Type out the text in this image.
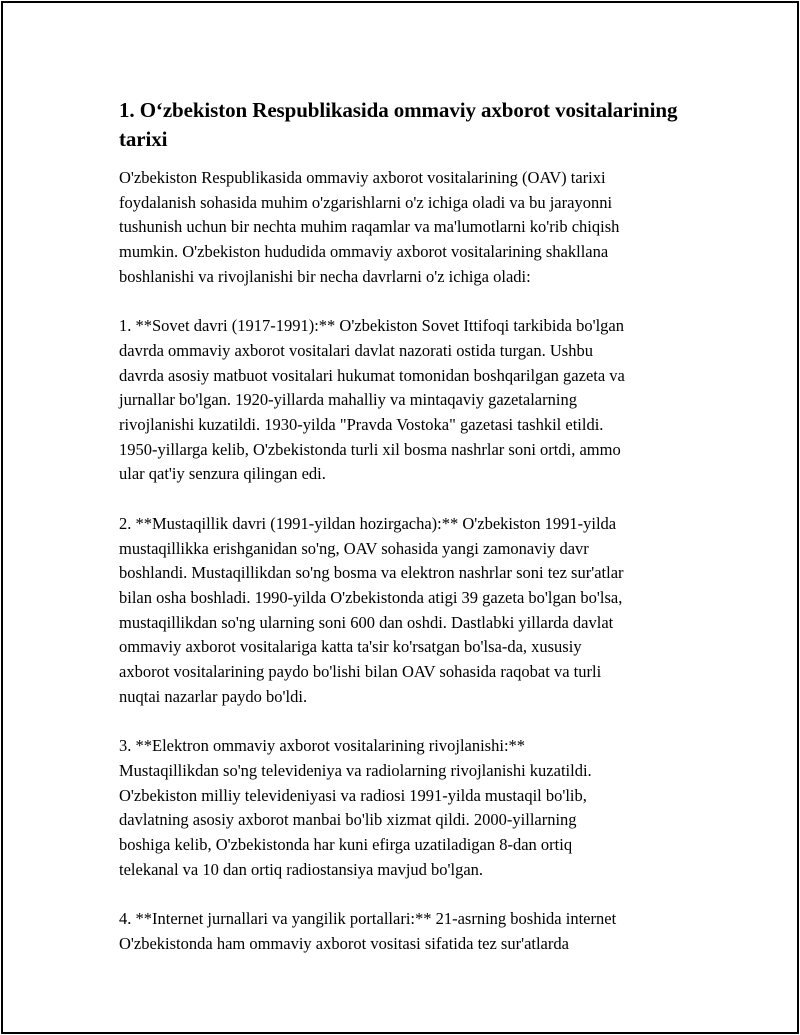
1. O‘zbekiston Respublikasida ommaviy axborot vositalarining tarixi

O'zbekiston Respublikasida ommaviy axborot vositalarining (OAV) tarixi
foydalanish sohasida muhim o'zgarishlarni o'z ichiga oladi va bu jarayonni
tushunish uchun bir nechta muhim raqamlar va ma'lumotlarni ko'rib chiqish
mumkin. O'zbekiston hududida ommaviy axborot vositalarining shakllana
boshlanishi va rivojlanishi bir necha davrlarni o'z ichiga oladi:

1. **Sovet davri (1917-1991):** O'zbekiston Sovet Ittifoqi tarkibida bo'lgan
davrda ommaviy axborot vositalari davlat nazorati ostida turgan. Ushbu
davrda asosiy matbuot vositalari hukumat tomonidan boshqarilgan gazeta va
jurnallar bo'lgan. 1920-yillarda mahalliy va mintaqaviy gazetalarning
rivojlanishi kuzatildi. 1930-yilda "Pravda Vostoka" gazetasi tashkil etildi.
1950-yillarga kelib, O'zbekistonda turli xil bosma nashrlar soni ortdi, ammo
ular qat'iy senzura qilingan edi.

2. **Mustaqillik davri (1991-yildan hozirgacha):** O'zbekiston 1991-yilda
mustaqillikka erishganidan so'ng, OAV sohasida yangi zamonaviy davr
boshlandi. Mustaqillikdan so'ng bosma va elektron nashrlar soni tez sur'atlar
bilan osha boshladi. 1990-yilda O'zbekistonda atigi 39 gazeta bo'lgan bo'lsa,
mustaqillikdan so'ng ularning soni 600 dan oshdi. Dastlabki yillarda davlat
ommaviy axborot vositalariga katta ta'sir ko'rsatgan bo'lsa-da, xususiy
axborot vositalarining paydo bo'lishi bilan OAV sohasida raqobat va turli
nuqtai nazarlar paydo bo'ldi.

3. **Elektron ommaviy axborot vositalarining rivojlanishi:**
Mustaqillikdan so'ng televideniya va radiolarning rivojlanishi kuzatildi.
O'zbekiston milliy televideniyasi va radiosi 1991-yilda mustaqil bo'lib,
davlatning asosiy axborot manbai bo'lib xizmat qildi. 2000-yillarning
boshiga kelib, O'zbekistonda har kuni efirga uzatiladigan 8-dan ortiq
telekanal va 10 dan ortiq radiostansiya mavjud bo'lgan.

4. **Internet jurnallari va yangilik portallari:** 21-asrning boshida internet
O'zbekistonda ham ommaviy axborot vositasi sifatida tez sur'atlarda
